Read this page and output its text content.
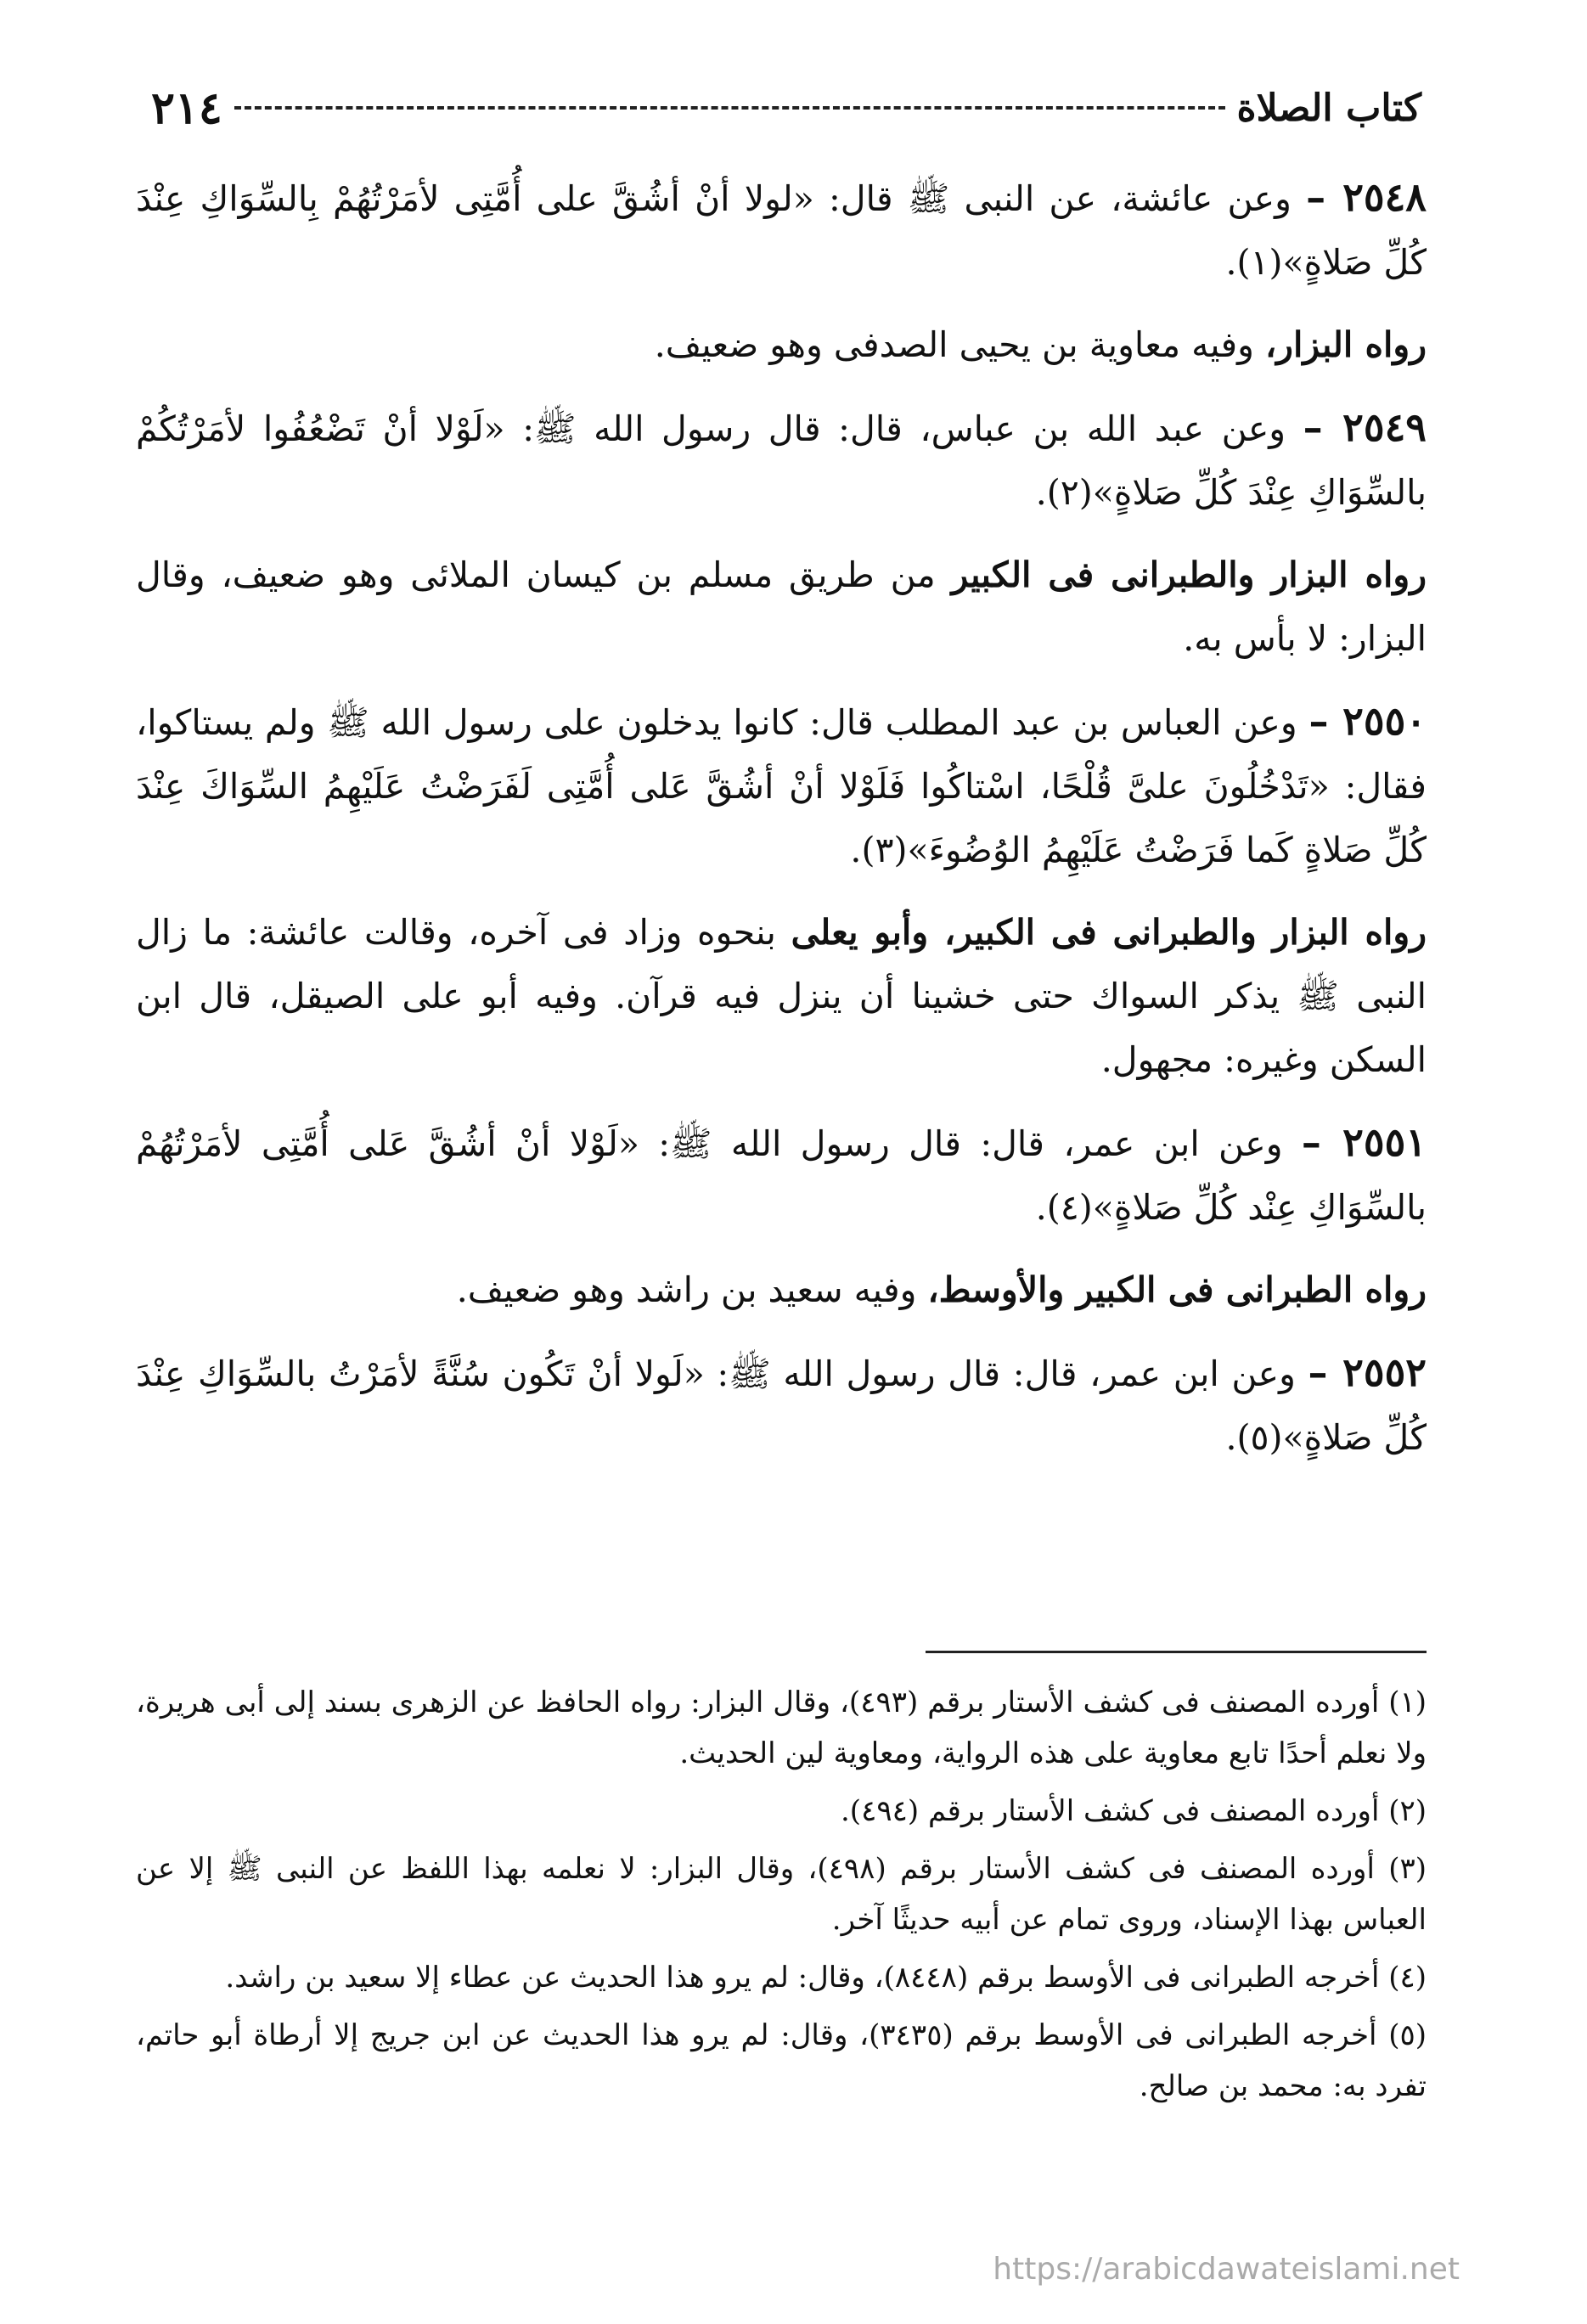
٢١٤	كتاب الصلاة

٢٥٤٨ – وعن عائشة، عن النبى ﷺ قال: «لولا أنْ أشُقَّ على أُمَّتِى لأمَرْتُهُمْ بِالسِّوَاكِ عِنْدَ كُلِّ صَلاةٍ»(١).

رواه البزار، وفيه معاوية بن يحيى الصدفى وهو ضعيف.

٢٥٤٩ – وعن عبد الله بن عباس، قال: قال رسول الله ﷺ: «لَوْلا أنْ تَضْعُفُوا لأمَرْتُكُمْ بالسِّوَاكِ عِنْدَ كُلِّ صَلاةٍ»(٢).

رواه البزار والطبرانى فى الكبير من طريق مسلم بن كيسان الملائى وهو ضعيف، وقال البزار: لا بأس به.

٢٥٥٠ – وعن العباس بن عبد المطلب قال: كانوا يدخلون على رسول الله ﷺ ولم يستاكوا، فقال: «تَدْخُلُونَ علىَّ قُلْحًا، اسْتاكُوا فَلَوْلا أنْ أشُقَّ عَلى أُمَّتِى لَفَرَضْتُ عَلَيْهِمُ السِّوَاكَ عِنْدَ كُلِّ صَلاةٍ كَما فَرَضْتُ عَلَيْهِمُ الوُضُوءَ»(٣).

رواه البزار والطبرانى فى الكبير، وأبو يعلى بنحوه وزاد فى آخره، وقالت عائشة: ما زال النبى ﷺ يذكر السواك حتى خشينا أن ينزل فيه قرآن. وفيه أبو على الصيقل، قال ابن السكن وغيره: مجهول.

٢٥٥١ – وعن ابن عمر، قال: قال رسول الله ﷺ: «لَوْلا أنْ أشُقَّ عَلى أُمَّتِى لأمَرْتُهُمْ بالسِّوَاكِ عِنْد كُلِّ صَلاةٍ»(٤).

رواه الطبرانى فى الكبير والأوسط، وفيه سعيد بن راشد وهو ضعيف.

٢٥٥٢ – وعن ابن عمر، قال: قال رسول الله ﷺ: «لَولا أنْ تَكُون سُنَّةً لأمَرْتُ بالسِّوَاكِ عِنْدَ كُلِّ صَلاةٍ»(٥).

(١) أورده المصنف فى كشف الأستار برقم (٤٩٣)، وقال البزار: رواه الحافظ عن الزهرى بسند إلى أبى هريرة، ولا نعلم أحدًا تابع معاوية على هذه الرواية، ومعاوية لين الحديث.

(٢) أورده المصنف فى كشف الأستار برقم (٤٩٤).

(٣) أورده المصنف فى كشف الأستار برقم (٤٩٨)، وقال البزار: لا نعلمه بهذا اللفظ عن النبى ﷺ إلا عن العباس بهذا الإسناد، وروى تمام عن أبيه حديثًا آخر.

(٤) أخرجه الطبرانى فى الأوسط برقم (٨٤٤٨)، وقال: لم يرو هذا الحديث عن عطاء إلا سعيد بن راشد.

(٥) أخرجه الطبرانى فى الأوسط برقم (٣٤٣٥)، وقال: لم يرو هذا الحديث عن ابن جريج إلا أرطاة أبو حاتم، تفرد به: محمد بن صالح.

https://arabicdawateislami.net
